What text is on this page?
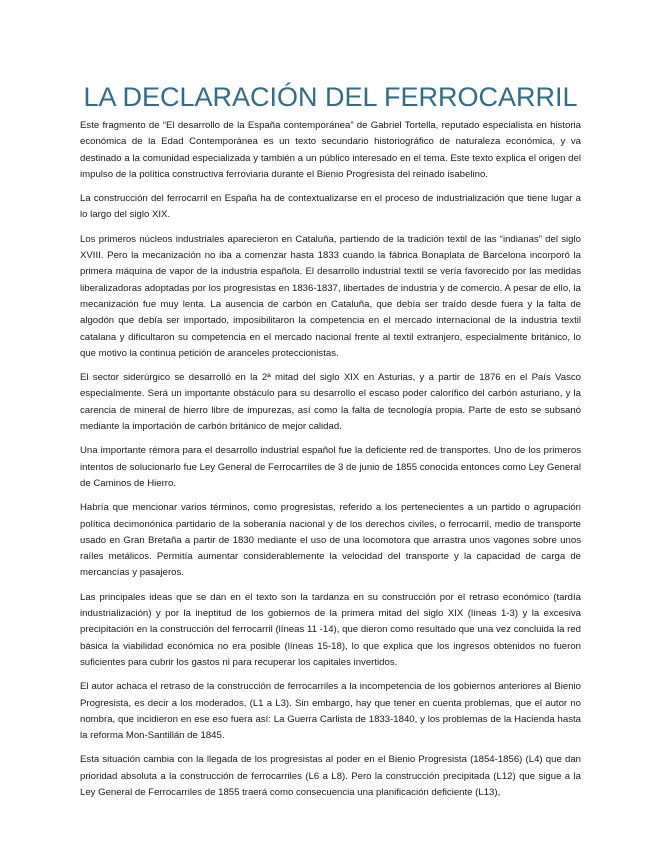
LA DECLARACIÓN DEL FERROCARRIL

Este fragmento de “El desarrollo de la España contemporánea” de Gabriel Tortella, reputado especialista en historia económica de la Edad Contemporánea es un texto secundario historiográfico de naturaleza económica, y va destinado a la comunidad especializada y también a un público interesado en el tema. Este texto explica el origen del impulso de la política constructiva ferroviaria durante el Bienio Progresista del reinado isabelino.

La construcción del ferrocarril en España ha de contextualizarse en el proceso de industrialización que tiene lugar a lo largo del siglo XIX.

Los primeros núcleos industriales aparecieron en Cataluña, partiendo de la tradición textil de las “indianas” del siglo XVIII. Pero la mecanización no iba a comenzar hasta 1833 cuando la fábrica Bonaplata de Barcelona incorporó la primera máquina de vapor de la industria española. El desarrollo industrial textil se vería favorecido por las medidas liberalizadoras adoptadas por los progresistas en 1836-1837, libertades de industria y de comercio. A pesar de ello, la mecanización fue muy lenta. La ausencia de carbón en Cataluña, que debía ser traído desde fuera y la falta de algodón que debía ser importado, imposibilitaron la competencia en el mercado internacional de la industria textil catalana y dificultaron su competencia en el mercado nacional frente al textil extranjero, especialmente británico, lo que motivo la continua petición de aranceles proteccionistas.

El sector siderúrgico se desarrolló en la 2ª mitad del siglo XIX en Asturias, y a partir de 1876 en el País Vasco especialmente. Será un importante obstáculo para su desarrollo el escaso poder calorífico del carbón asturiano, y la carencia de mineral de hierro libre de impurezas, así como la falta de tecnología propia. Parte de esto se subsanó mediante la importación de carbón británico de mejor calidad.

Una importante rémora para el desarrollo industrial español fue la deficiente red de transportes. Uno de los primeros intentos de solucionarlo fue Ley General de Ferrocarriles de 3 de junio de 1855 conocida entonces como Ley General de Caminos de Hierro.

Habría que mencionar varios términos, como progresistas, referido a los pertenecientes a un partido o agrupación política decimonónica partidario de la soberanía nacional y de los derechos civiles, o ferrocarril, medio de transporte usado en Gran Bretaña a partir de 1830 mediante el uso de una locomotora que arrastra unos vagones sobre unos raíles metálicos. Permitía aumentar considerablemente la velocidad del transporte y la capacidad de carga de mercancías y pasajeros.

Las principales ideas que se dan en el texto son la tardanza en su construcción por el retraso económico (tardía industrialización) y por la ineptitud de los gobiernos de la primera mitad del siglo XIX (líneas 1-3) y la excesiva precipitación en la construcción del ferrocarril (líneas 11 -14), que dieron como resultado que una vez concluida la red básica la viabilidad económica no era posible (líneas 15-18), lo que explica que los ingresos obtenidos no fueron suficientes para cubrir los gastos ni para recuperar los capitales invertidos.

El autor achaca el retraso de la construcción de ferrocarriles a la incompetencia de los gobiernos anteriores al Bienio Progresista, es decir a los moderados, (L1 a L3). Sin embargo, hay que tener en cuenta problemas, que el autor no nombra, que incidieron en ese eso fuera así: La Guerra Carlista de 1833-1840, y los problemas de la Hacienda hasta la reforma Mon-Santillán de 1845.

Esta situación cambia con la llegada de los progresistas al poder en el Bienio Progresista (1854-1856) (L4) que dan prioridad absoluta a la construcción de ferrocarriles (L6 a L8). Pero la construcción precipitada (L12) que sigue a la Ley General de Ferrocarriles de 1855 traerá como consecuencia una planificación deficiente (L13),
